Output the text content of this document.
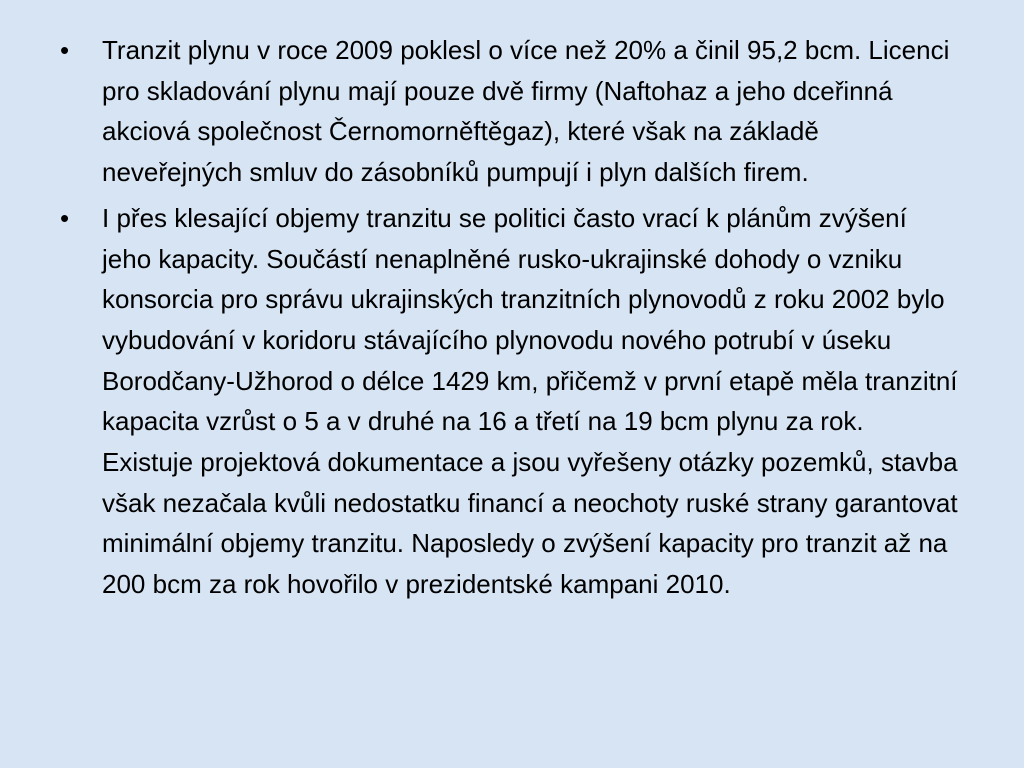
•	Tranzit plynu v roce 2009 poklesl o více než 20% a činil 95,2 bcm. Licenci pro skladování plynu mají pouze dvě firmy (Naftohaz a jeho dceřinná akciová společnost Černomorněftěgaz), které však na základě neveřejných smluv do zásobníků pumpují i plyn dalších firem.
•	I přes klesající objemy tranzitu se politici často vrací k plánům zvýšení jeho kapacity. Součástí nenaplněné rusko-ukrajinské dohody o vzniku konsorcia pro správu ukrajinských tranzitních plynovodů z roku 2002 bylo vybudování v koridoru stávajícího plynovodu nového potrubí v úseku Borodčany-Užhorod o délce 1429 km, přičemž v první etapě měla tranzitní kapacita vzrůst o 5 a v druhé na 16 a třetí na 19 bcm plynu za rok. Existuje projektová dokumentace a jsou vyřešeny otázky pozemků, stavba však nezačala kvůli nedostatku financí a neochoty ruské strany garantovat minimální objemy tranzitu. Naposledy o zvýšení kapacity pro tranzit až na 200 bcm za rok hovořilo v prezidentské kampani 2010.
